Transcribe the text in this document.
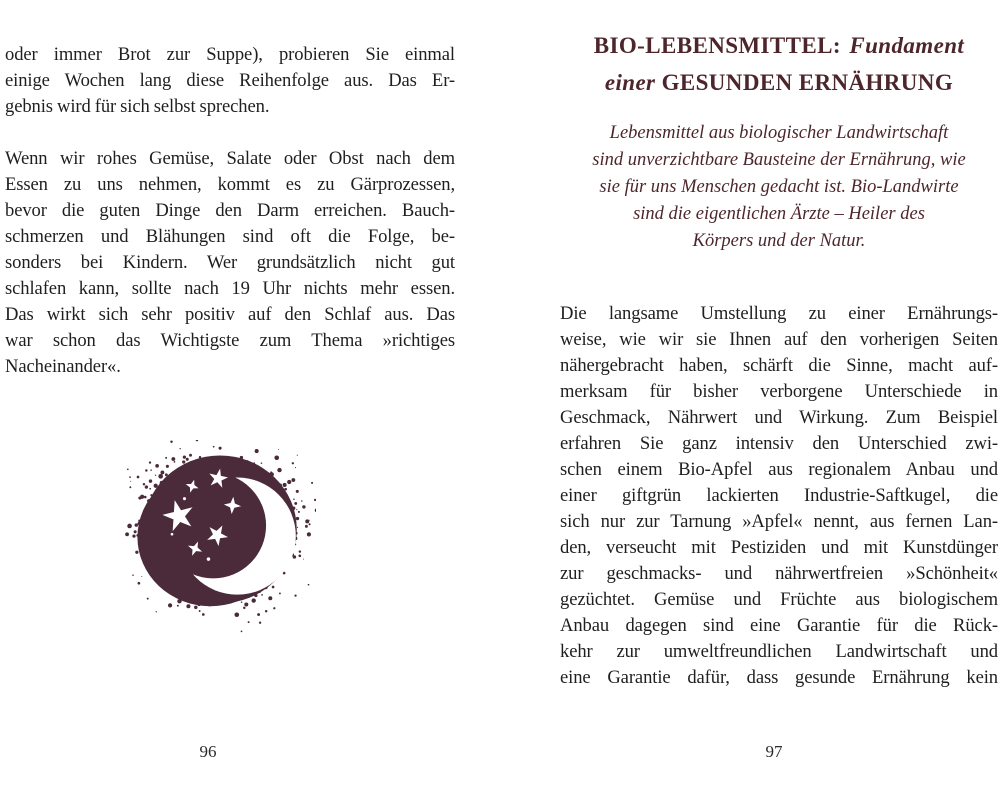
oder immer Brot zur Suppe), probieren Sie einmal
einige Wochen lang diese Reihenfolge aus. Das Er-
gebnis wird für sich selbst sprechen.
Wenn wir rohes Gemüse, Salate oder Obst nach dem
Essen zu uns nehmen, kommt es zu Gärprozessen,
bevor die guten Dinge den Darm erreichen. Bauch-
schmerzen und Blähungen sind oft die Folge, be-
sonders bei Kindern. Wer grundsätzlich nicht gut
schlafen kann, sollte nach 19 Uhr nichts mehr essen.
Das wirkt sich sehr positiv auf den Schlaf aus. Das
war schon das Wichtigste zum Thema »richtiges
Nacheinander«.
96
BIO-LEBENSMITTEL:  Fundament
einer GESUNDEN ERNÄHRUNG
Lebensmittel aus biologischer Landwirtschaft
sind unverzichtbare Bausteine der Ernährung, wie
sie für uns Menschen gedacht ist. Bio-Landwirte
sind die eigentlichen Ärzte – Heiler des
Körpers und der Natur.
Die langsame Umstellung zu einer Ernährungs-
weise, wie wir sie Ihnen auf den vorherigen Seiten
nähergebracht haben, schärft die Sinne, macht auf-
merksam für bisher verborgene Unterschiede in
Geschmack, Nährwert und Wirkung. Zum Beispiel
erfahren Sie ganz intensiv den Unterschied zwi-
schen einem Bio-Apfel aus regionalem Anbau und
einer giftgrün lackierten Industrie-Saftkugel, die
sich nur zur Tarnung »Apfel« nennt, aus fernen Lan-
den, verseucht mit Pestiziden und mit Kunstdünger
zur geschmacks- und nährwertfreien »Schönheit«
gezüchtet. Gemüse und Früchte aus biologischem
Anbau dagegen sind eine Garantie für die Rück-
kehr zur umweltfreundlichen Landwirtschaft und
eine Garantie dafür, dass gesunde Ernährung kein
97
